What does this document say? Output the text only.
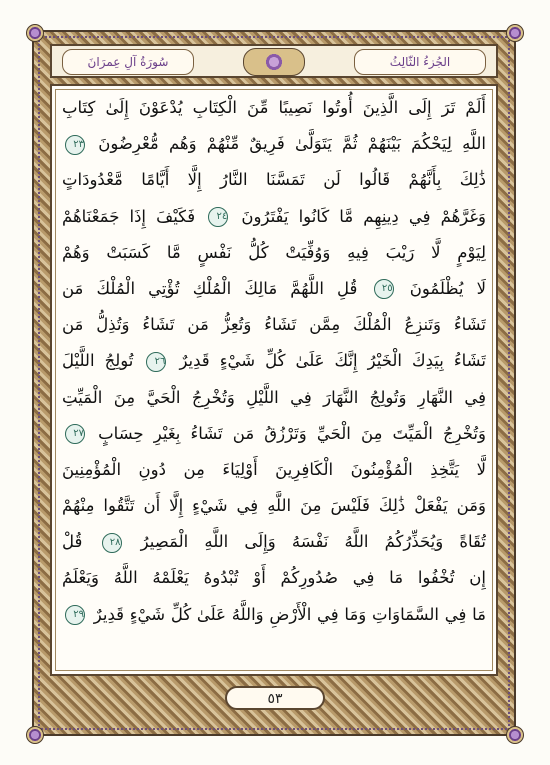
سُورَةُ آلِ عِمرَانَ	الجُزءُ الثّالِثُ
أَلَمْ تَرَ إِلَى الَّذِينَ أُوتُوا نَصِيبًا مِّنَ الْكِتَابِ يُدْعَوْنَ إِلَىٰ كِتَابِ
اللَّهِ لِيَحْكُمَ بَيْنَهُمْ ثُمَّ يَتَوَلَّىٰ فَرِيقٌ مِّنْهُمْ وَهُم مُّعْرِضُونَ ٢٣
ذَٰلِكَ بِأَنَّهُمْ قَالُوا لَن تَمَسَّنَا النَّارُ إِلَّا أَيَّامًا مَّعْدُودَاتٍ
وَغَرَّهُمْ فِي دِينِهِم مَّا كَانُوا يَفْتَرُونَ ٢٤ فَكَيْفَ إِذَا جَمَعْنَاهُمْ
لِيَوْمٍ لَّا رَيْبَ فِيهِ وَوُفِّيَتْ كُلُّ نَفْسٍ مَّا كَسَبَتْ وَهُمْ
لَا يُظْلَمُونَ ٢٥ قُلِ اللَّهُمَّ مَالِكَ الْمُلْكِ تُؤْتِي الْمُلْكَ مَن
تَشَاءُ وَتَنزِعُ الْمُلْكَ مِمَّن تَشَاءُ وَتُعِزُّ مَن تَشَاءُ وَتُذِلُّ مَن
تَشَاءُ بِيَدِكَ الْخَيْرُ إِنَّكَ عَلَىٰ كُلِّ شَيْءٍ قَدِيرٌ ٢٦ تُولِجُ اللَّيْلَ
فِي النَّهَارِ وَتُولِجُ النَّهَارَ فِي اللَّيْلِ وَتُخْرِجُ الْحَيَّ مِنَ الْمَيِّتِ
وَتُخْرِجُ الْمَيِّتَ مِنَ الْحَيِّ وَتَرْزُقُ مَن تَشَاءُ بِغَيْرِ حِسَابٍ ٢٧
لَّا يَتَّخِذِ الْمُؤْمِنُونَ الْكَافِرِينَ أَوْلِيَاءَ مِن دُونِ الْمُؤْمِنِينَ
وَمَن يَفْعَلْ ذَٰلِكَ فَلَيْسَ مِنَ اللَّهِ فِي شَيْءٍ إِلَّا أَن تَتَّقُوا مِنْهُمْ
تُقَاةً وَيُحَذِّرُكُمُ اللَّهُ نَفْسَهُ وَإِلَى اللَّهِ الْمَصِيرُ ٢٨ قُلْ
إِن تُخْفُوا مَا فِي صُدُورِكُمْ أَوْ تُبْدُوهُ يَعْلَمْهُ اللَّهُ وَيَعْلَمُ
مَا فِي السَّمَاوَاتِ وَمَا فِي الْأَرْضِ وَاللَّهُ عَلَىٰ كُلِّ شَيْءٍ قَدِيرٌ ٢٩
٥٣
